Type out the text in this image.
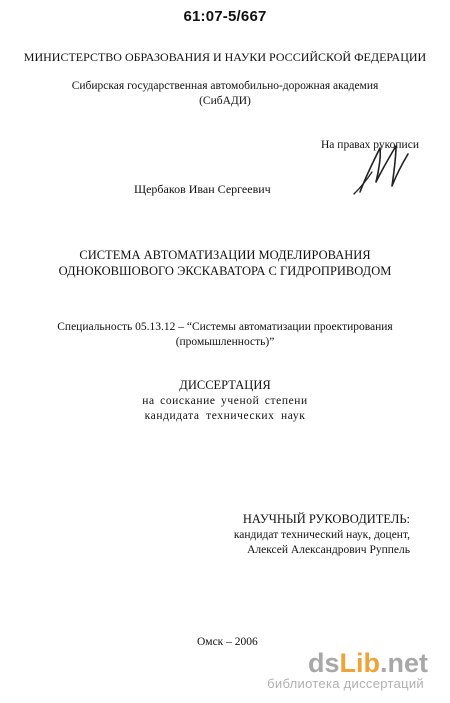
61:07-5/667
МИНИСТЕРСТВО ОБРАЗОВАНИЯ И НАУКИ РОССИЙСКОЙ ФЕДЕРАЦИИ
Сибирская государственная автомобильно-дорожная академия
(СибАДИ)
На правах рукописи
Щербаков Иван Сергеевич
СИСТЕМА АВТОМАТИЗАЦИИ МОДЕЛИРОВАНИЯ
ОДНОКОВШОВОГО ЭКСКАВАТОРА С ГИДРОПРИВОДОМ
Специальность 05.13.12 – “Системы автоматизации проектирования
(промышленность)”
ДИССЕРТАЦИЯ
на соискание ученой степени
кандидата технических наук
НАУЧНЫЙ РУКОВОДИТЕЛЬ:
кандидат технический наук, доцент,
Алексей Александрович Руппель
Омск – 2006
dsLib.net
библиотека диссертаций
